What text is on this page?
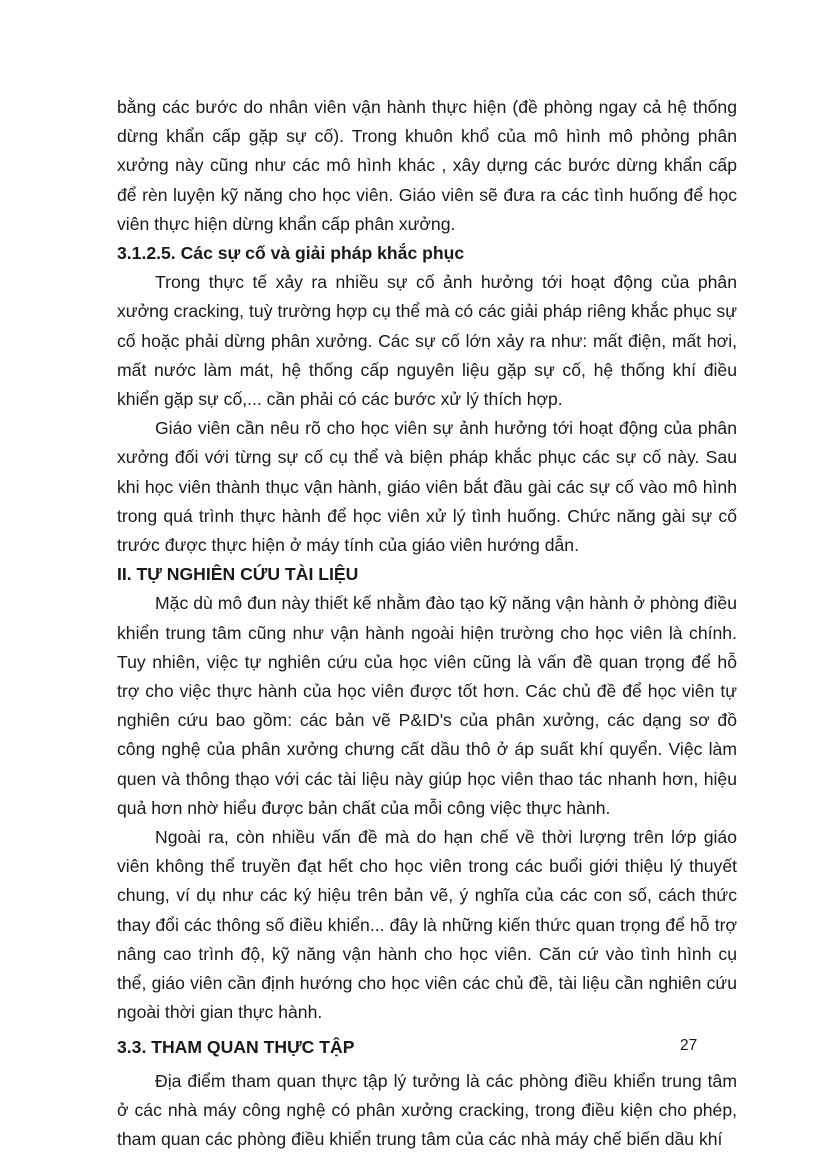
bằng các bước do nhân viên vận hành thực hiện (đề phòng ngay cả hệ thống dừng khẩn cấp gặp sự cố). Trong khuôn khổ của mô hình mô phỏng phân xưởng này cũng như các mô hình khác , xây dựng các bước dừng khẩn cấp để rèn luyện kỹ năng cho học viên. Giáo viên sẽ đưa ra các tình huống để học viên thực hiện dừng khẩn cấp phân xưởng.

3.1.2.5. Các sự cố và giải pháp khắc phục

Trong thực tế xảy ra nhiều sự cố ảnh hưởng tới hoạt động của phân xưởng cracking, tuỳ trường hợp cụ thể mà có các giải pháp riêng khắc phục sự cố hoặc phải dừng phân xưởng. Các sự cố lớn xảy ra như: mất điện, mất hơi, mất nước làm mát, hệ thống cấp nguyên liệu gặp sự cố, hệ thống khí điều khiển gặp sự cố,... cần phải có các bước xử lý thích hợp.

Giáo viên cần nêu rõ cho học viên sự ảnh hưởng tới hoạt động của phân xưởng đối với từng sự cố cụ thể và biện pháp khắc phục các sự cố này. Sau khi học viên thành thục vận hành, giáo viên bắt đầu gài các sự cố vào mô hình trong quá trình thực hành để học viên xử lý tình huống. Chức năng gài sự cố trước được thực hiện ở máy tính của giáo viên hướng dẫn.

II. TỰ NGHIÊN CỨU TÀI LIỆU

Mặc dù mô đun này thiết kế nhằm đào tạo kỹ năng vận hành ở phòng điều khiển trung tâm cũng như vận hành ngoài hiện trường cho học viên là chính. Tuy nhiên, việc tự nghiên cứu của học viên cũng là vấn đề quan trọng để hỗ trợ cho việc thực hành của học viên được tốt hơn. Các chủ đề để học viên tự nghiên cứu bao gồm: các bản vẽ P&ID's của phân xưởng, các dạng sơ đồ công nghệ của phân xưởng chưng cất dầu thô ở áp suất khí quyển. Việc làm quen và thông thạo với các tài liệu này giúp học viên thao tác nhanh hơn, hiệu quả hơn nhờ hiểu được bản chất của mỗi công việc thực hành.

Ngoài ra, còn nhiều vấn đề mà do hạn chế về thời lượng trên lớp giáo viên không thể truyền đạt hết cho học viên trong các buổi giới thiệu lý thuyết chung, ví dụ như các ký hiệu trên bản vẽ, ý nghĩa của các con số, cách thức thay đổi các thông số điều khiển... đây là những kiến thức quan trọng để hỗ trợ nâng cao trình độ, kỹ năng vận hành cho học viên. Căn cứ vào tình hình cụ thể, giáo viên cần định hướng cho học viên các chủ đề, tài liệu cần nghiên cứu ngoài thời gian thực hành.

3.3. THAM QUAN THỰC TẬP

Địa điểm tham quan thực tập lý tưởng là các phòng điều khiển trung tâm ở các nhà máy công nghệ có phân xưởng cracking, trong điều kiện cho phép, tham quan các phòng điều khiển trung tâm của các nhà máy chế biến dầu khí

27
